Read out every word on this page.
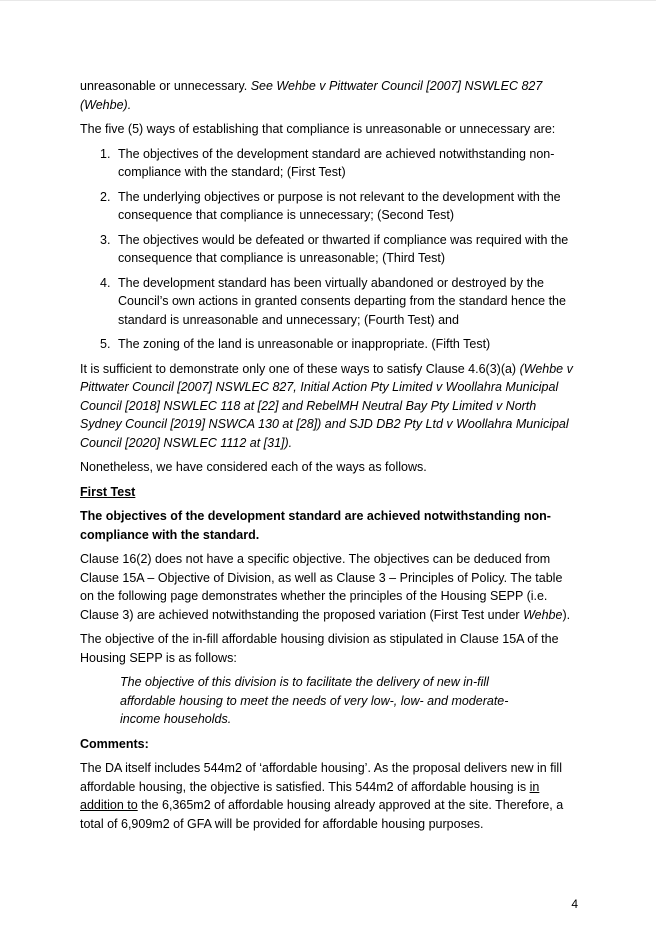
unreasonable or unnecessary. See Wehbe v Pittwater Council [2007] NSWLEC 827 (Wehbe).

The five (5) ways of establishing that compliance is unreasonable or unnecessary are:

1. The objectives of the development standard are achieved notwithstanding non-compliance with the standard; (First Test)
2. The underlying objectives or purpose is not relevant to the development with the consequence that compliance is unnecessary; (Second Test)
3. The objectives would be defeated or thwarted if compliance was required with the consequence that compliance is unreasonable; (Third Test)
4. The development standard has been virtually abandoned or destroyed by the Council’s own actions in granted consents departing from the standard hence the standard is unreasonable and unnecessary; (Fourth Test) and
5. The zoning of the land is unreasonable or inappropriate. (Fifth Test)

It is sufficient to demonstrate only one of these ways to satisfy Clause 4.6(3)(a) (Wehbe v Pittwater Council [2007] NSWLEC 827, Initial Action Pty Limited v Woollahra Municipal Council [2018] NSWLEC 118 at [22] and RebelMH Neutral Bay Pty Limited v North Sydney Council [2019] NSWCA 130 at [28]) and SJD DB2 Pty Ltd v Woollahra Municipal Council [2020] NSWLEC 1112 at [31]).

Nonetheless, we have considered each of the ways as follows.

First Test

The objectives of the development standard are achieved notwithstanding non-compliance with the standard.

Clause 16(2) does not have a specific objective. The objectives can be deduced from Clause 15A – Objective of Division, as well as Clause 3 – Principles of Policy. The table on the following page demonstrates whether the principles of the Housing SEPP (i.e. Clause 3) are achieved notwithstanding the proposed variation (First Test under Wehbe).

The objective of the in-fill affordable housing division as stipulated in Clause 15A of the Housing SEPP is as follows:

The objective of this division is to facilitate the delivery of new in-fill affordable housing to meet the needs of very low-, low- and moderate-income households.

Comments:

The DA itself includes 544m2 of ‘affordable housing’. As the proposal delivers new in fill affordable housing, the objective is satisfied. This 544m2 of affordable housing is in addition to the 6,365m2 of affordable housing already approved at the site. Therefore, a total of 6,909m2 of GFA will be provided for affordable housing purposes.

4
